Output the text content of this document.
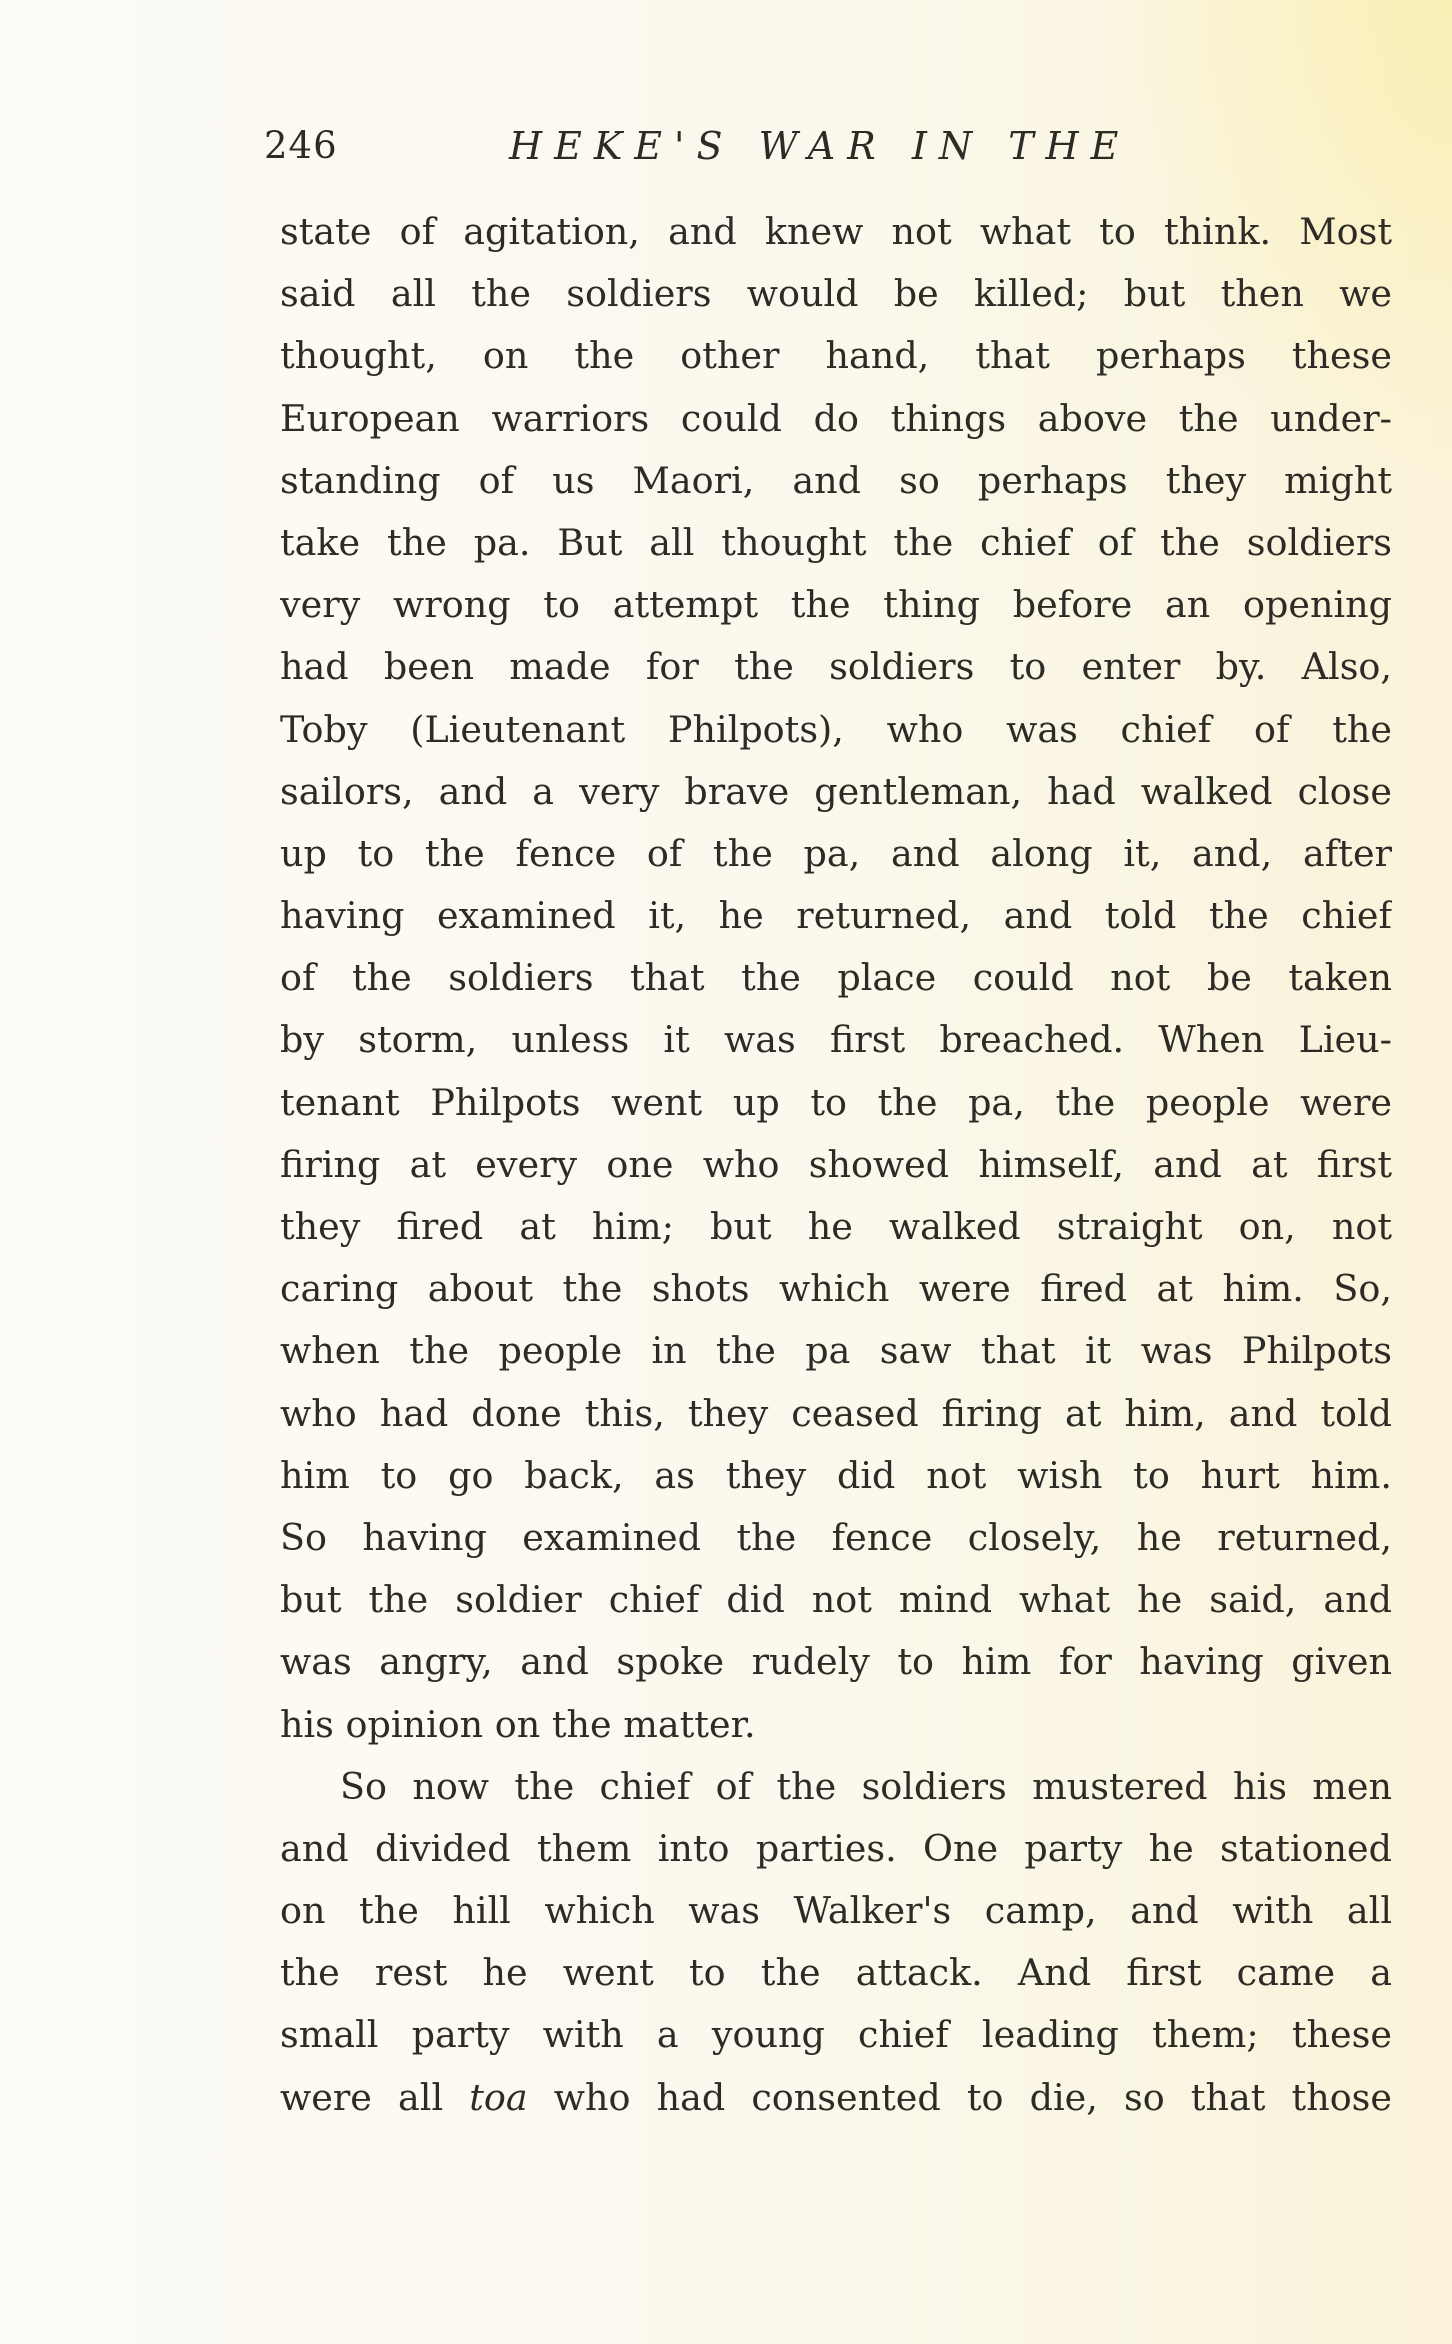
246	HEKE'S WAR IN THE
state of agitation, and knew not what to think. Most
said all the soldiers would be killed; but then we
thought, on the other hand, that perhaps these
European warriors could do things above the under-
standing of us Maori, and so perhaps they might
take the pa. But all thought the chief of the soldiers
very wrong to attempt the thing before an opening
had been made for the soldiers to enter by. Also,
Toby (Lieutenant Philpots), who was chief of the
sailors, and a very brave gentleman, had walked close
up to the fence of the pa, and along it, and, after
having examined it, he returned, and told the chief
of the soldiers that the place could not be taken
by storm, unless it was first breached. When Lieu-
tenant Philpots went up to the pa, the people were
firing at every one who showed himself, and at first
they fired at him; but he walked straight on, not
caring about the shots which were fired at him. So,
when the people in the pa saw that it was Philpots
who had done this, they ceased firing at him, and told
him to go back, as they did not wish to hurt him.
So having examined the fence closely, he returned,
but the soldier chief did not mind what he said, and
was angry, and spoke rudely to him for having given
his opinion on the matter.
So now the chief of the soldiers mustered his men
and divided them into parties. One party he stationed
on the hill which was Walker's camp, and with all
the rest he went to the attack. And first came a
small party with a young chief leading them; these
were all toa who had consented to die, so that those
